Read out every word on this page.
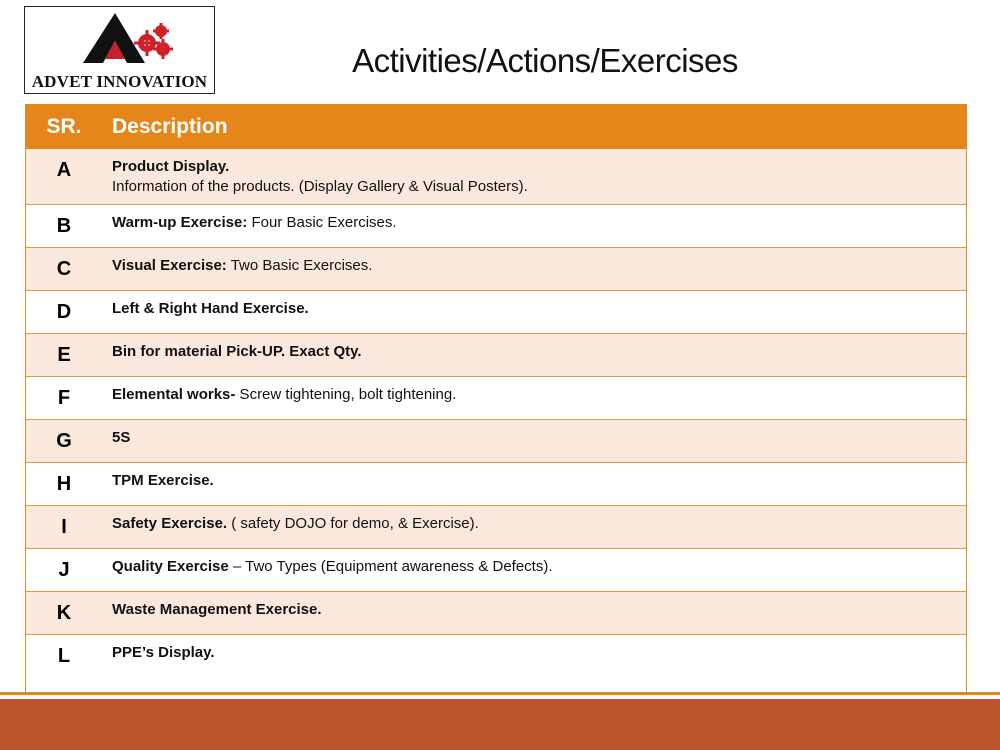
ADVET INNOVATION
Activities/Actions/Exercises
SR.	Description
A	Product Display.
Information of the products. (Display Gallery & Visual Posters).
B	Warm-up Exercise: Four Basic Exercises.
C	Visual Exercise: Two Basic Exercises.
D	Left & Right Hand Exercise.
E	Bin for material Pick-UP. Exact Qty.
F	Elemental works- Screw tightening, bolt tightening.
G	5S
H	TPM Exercise.
I	Safety Exercise. ( safety DOJO for demo, & Exercise).
J	Quality Exercise – Two Types (Equipment awareness & Defects).
K	Waste Management Exercise.
L	PPE’s Display.
